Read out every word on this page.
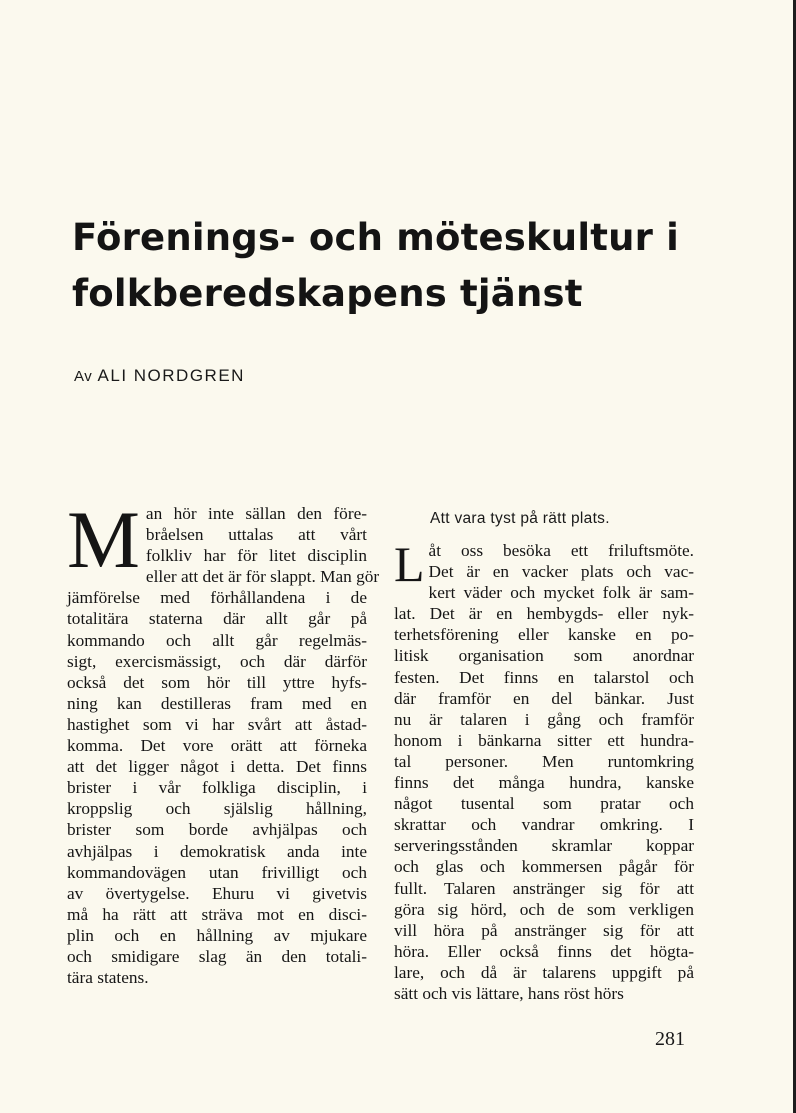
Förenings- och möteskultur i
folkberedskapens tjänst
Av ALI NORDGREN
M an hör inte sällan den före-
bråelsen uttalas att vårt
folkliv har för litet disciplin
eller att det är för slappt. Man gör
jämförelse med förhållandena i de
totalitära staterna där allt går på
kommando och allt går regelmäs-
sigt, exercismässigt, och där därför
också det som hör till yttre hyfs-
ning kan destilleras fram med en
hastighet som vi har svårt att åstad-
komma. Det vore orätt att förneka
att det ligger något i detta. Det finns
brister i vår folkliga disciplin, i
kroppslig och själslig hållning,
brister som borde avhjälpas och
avhjälpas i demokratisk anda inte
kommandovägen utan frivilligt och
av övertygelse. Ehuru vi givetvis
må ha rätt att sträva mot en disci-
plin och en hållning av mjukare
och smidigare slag än den totali-
tära statens.
Att vara tyst på rätt plats.
L åt oss besöka ett friluftsmöte.
Det är en vacker plats och vac-
kert väder och mycket folk är sam-
lat. Det är en hembygds- eller nyk-
terhetsförening eller kanske en po-
litisk organisation som anordnar
festen. Det finns en talarstol och
där framför en del bänkar. Just
nu är talaren i gång och framför
honom i bänkarna sitter ett hundra-
tal personer. Men runtomkring
finns det många hundra, kanske
något tusental som pratar och
skrattar och vandrar omkring. I
serveringsstånden skramlar koppar
och glas och kommersen pågår för
fullt. Talaren anstränger sig för att
göra sig hörd, och de som verkligen
vill höra på anstränger sig för att
höra. Eller också finns det högta-
lare, och då är talarens uppgift på
sätt och vis lättare, hans röst hörs
281
